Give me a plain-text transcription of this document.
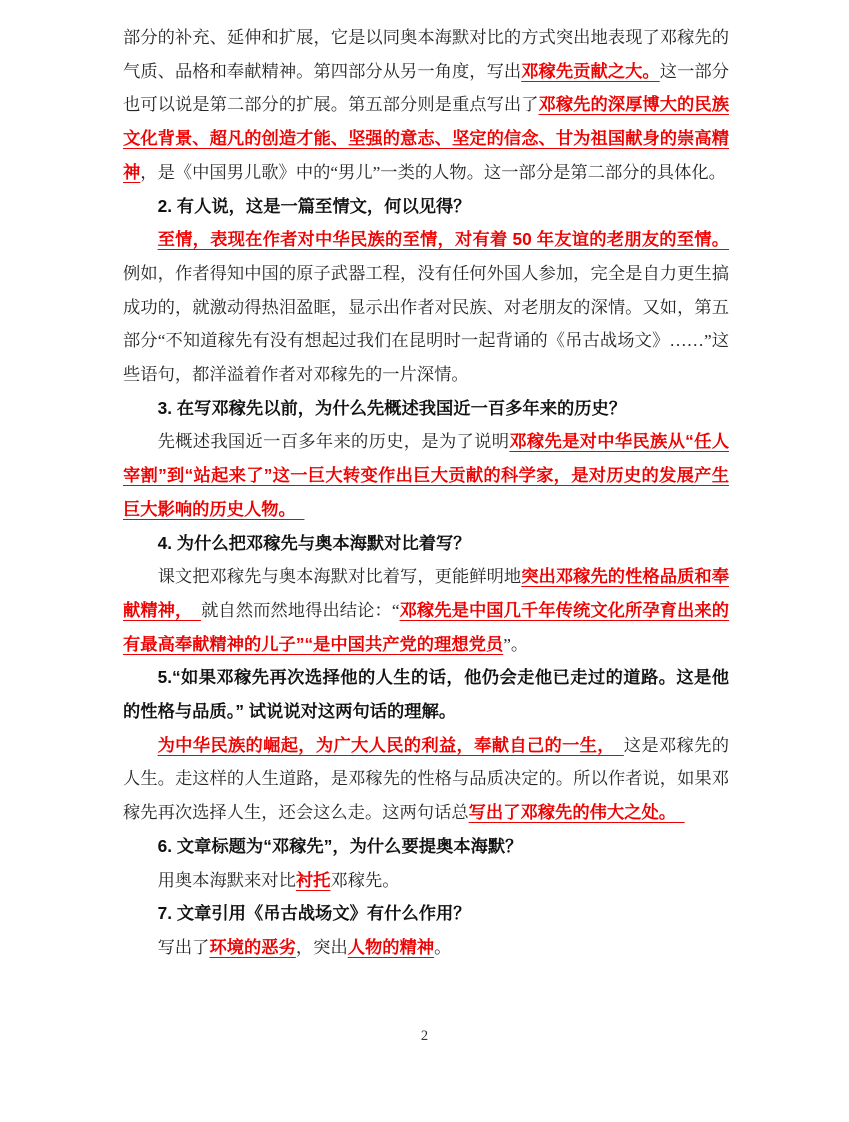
部分的补充、延伸和扩展，它是以同奥本海默对比的方式突出地表现了邓稼先的气质、品格和奉献精神。第四部分从另一角度，写出邓稼先贡献之大。这一部分也可以说是第二部分的扩展。第五部分则是重点写出了邓稼先的深厚博大的民族文化背景、超凡的创造才能、坚强的意志、坚定的信念、甘为祖国献身的崇高精神，是《中国男儿歌》中的“男儿”一类的人物。这一部分是第二部分的具体化。

2. 有人说，这是一篇至情文，何以见得？

至情，表现在作者对中华民族的至情，对有着 50 年友谊的老朋友的至情。例如，作者得知中国的原子武器工程，没有任何外国人参加，完全是自力更生搞成功的，就激动得热泪盈眶，显示出作者对民族、对老朋友的深情。又如，第五部分“不知道稼先有没有想起过我们在昆明时一起背诵的《吊古战场文》……”这些语句，都洋溢着作者对邓稼先的一片深情。

3. 在写邓稼先以前，为什么先概述我国近一百多年来的历史？

先概述我国近一百多年来的历史，是为了说明邓稼先是对中华民族从“任人宰割”到“站起来了”这一巨大转变作出巨大贡献的科学家，是对历史的发展产生巨大影响的历史人物。　

4. 为什么把邓稼先与奥本海默对比着写？

课文把邓稼先与奥本海默对比着写，更能鲜明地突出邓稼先的性格品质和奉献精神，　就自然而然地得出结论：“邓稼先是中国几千年传统文化所孕育出来的有最高奉献精神的儿子”“是中国共产党的理想党员”。

5.“如果邓稼先再次选择他的人生的话，他仍会走他已走过的道路。这是他的性格与品质。” 试说说对这两句话的理解。

为中华民族的崛起，为广大人民的利益，奉献自己的一生，　这是邓稼先的人生。走这样的人生道路，是邓稼先的性格与品质决定的。所以作者说，如果邓稼先再次选择人生，还会这么走。这两句话总写出了邓稼先的伟大之处。　

6. 文章标题为“邓稼先”，为什么要提奥本海默？

用奥本海默来对比衬托邓稼先。

7. 文章引用《吊古战场文》有什么作用？

写出了环境的恶劣，突出人物的精神。

2
